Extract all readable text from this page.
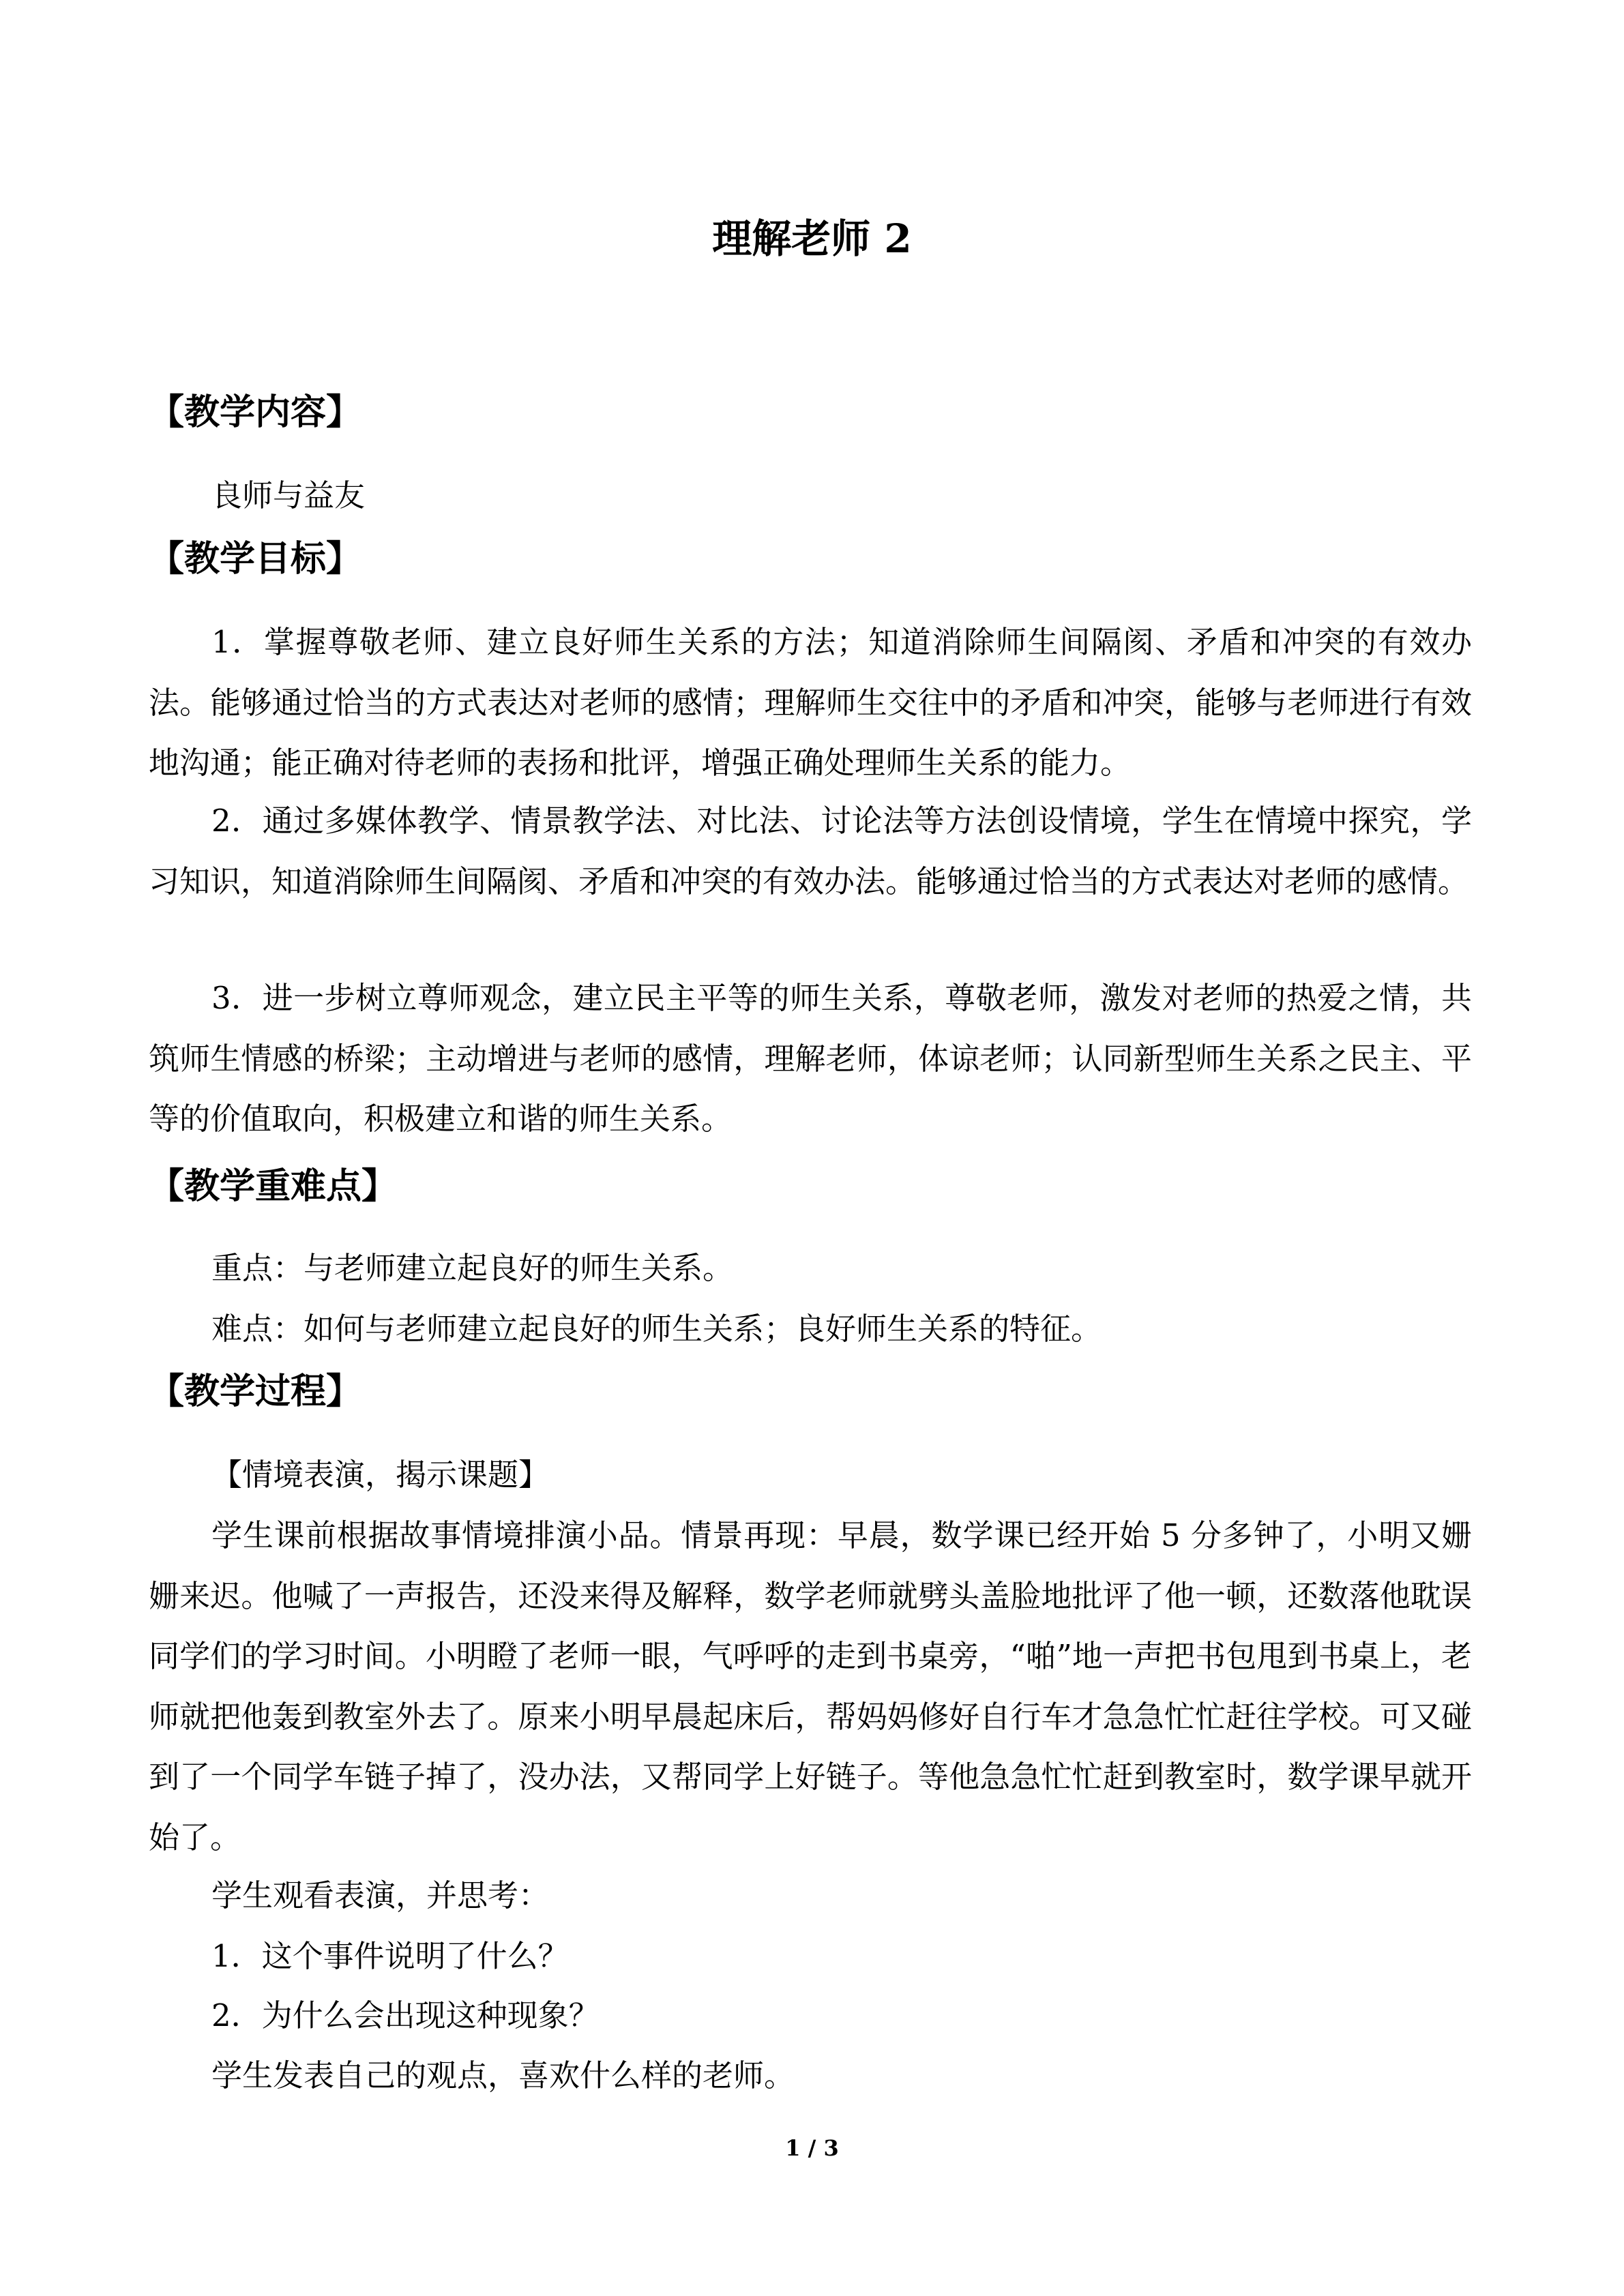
理解老师 2
【教学内容】
良师与益友
【教学目标】

1．掌握尊敬老师、建立良好师生关系的方法；知道消除师生间隔阂、矛盾和冲突的有效办法。能够通过恰当的方式表达对老师的感情；理解师生交往中的矛盾和冲突，能够与老师进行有效地沟通；能正确对待老师的表扬和批评，增强正确处理师生关系的能力。

2．通过多媒体教学、情景教学法、对比法、讨论法等方法创设情境，学生在情境中探究，学习知识，知道消除师生间隔阂、矛盾和冲突的有效办法。能够通过恰当的方式表达对老师的感情。

3．进一步树立尊师观念，建立民主平等的师生关系，尊敬老师，激发对老师的热爱之情，共筑师生情感的桥梁；主动增进与老师的感情，理解老师，体谅老师；认同新型师生关系之民主、平等的价值取向，积极建立和谐的师生关系。

【教学重难点】
重点：与老师建立起良好的师生关系。
难点：如何与老师建立起良好的师生关系；良好师生关系的特征。
【教学过程】
【情境表演，揭示课题】

学生课前根据故事情境排演小品。情景再现：早晨，数学课已经开始 5 分多钟了，小明又姗姗来迟。他喊了一声报告，还没来得及解释，数学老师就劈头盖脸地批评了他一顿，还数落他耽误同学们的学习时间。小明瞪了老师一眼，气呼呼的走到书桌旁，“啪”地一声把书包甩到书桌上，老师就把他轰到教室外去了。原来小明早晨起床后，帮妈妈修好自行车才急急忙忙赶往学校。可又碰到了一个同学车链子掉了，没办法，又帮同学上好链子。等他急急忙忙赶到教室时，数学课早就开始了。

学生观看表演，并思考：
1．这个事件说明了什么？
2．为什么会出现这种现象？
学生发表自己的观点，喜欢什么样的老师。
1 / 3
